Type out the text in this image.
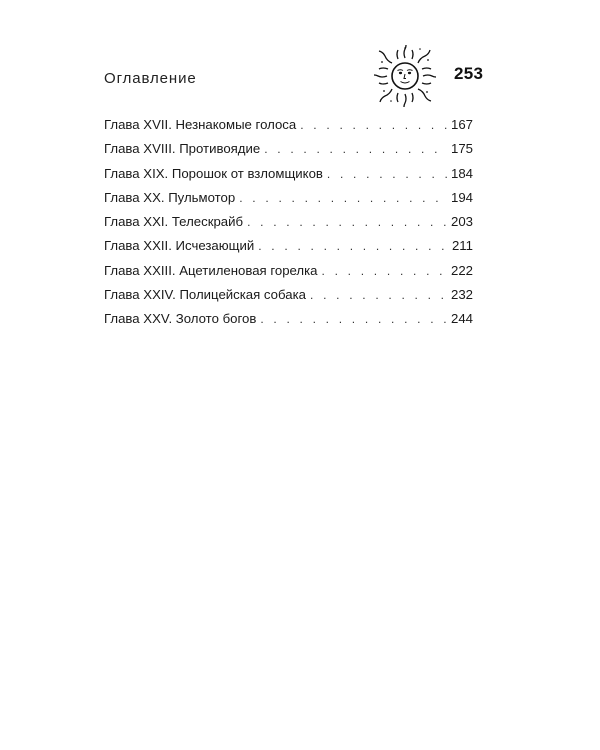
Оглавление	253
Глава XVII. Незнакомые голоса . . .	167
Глава XVIII. Противоядие . . .	175
Глава XIX. Порошок от взломщиков . . .	184
Глава XX. Пульмотор . . .	194
Глава XXI. Телескрайб . . .	203
Глава XXII. Исчезающий . . .	211
Глава XXIII. Ацетиленовая горелка . . .	222
Глава XXIV. Полицейская собака . . .	232
Глава XXV. Золото богов . . .	244
